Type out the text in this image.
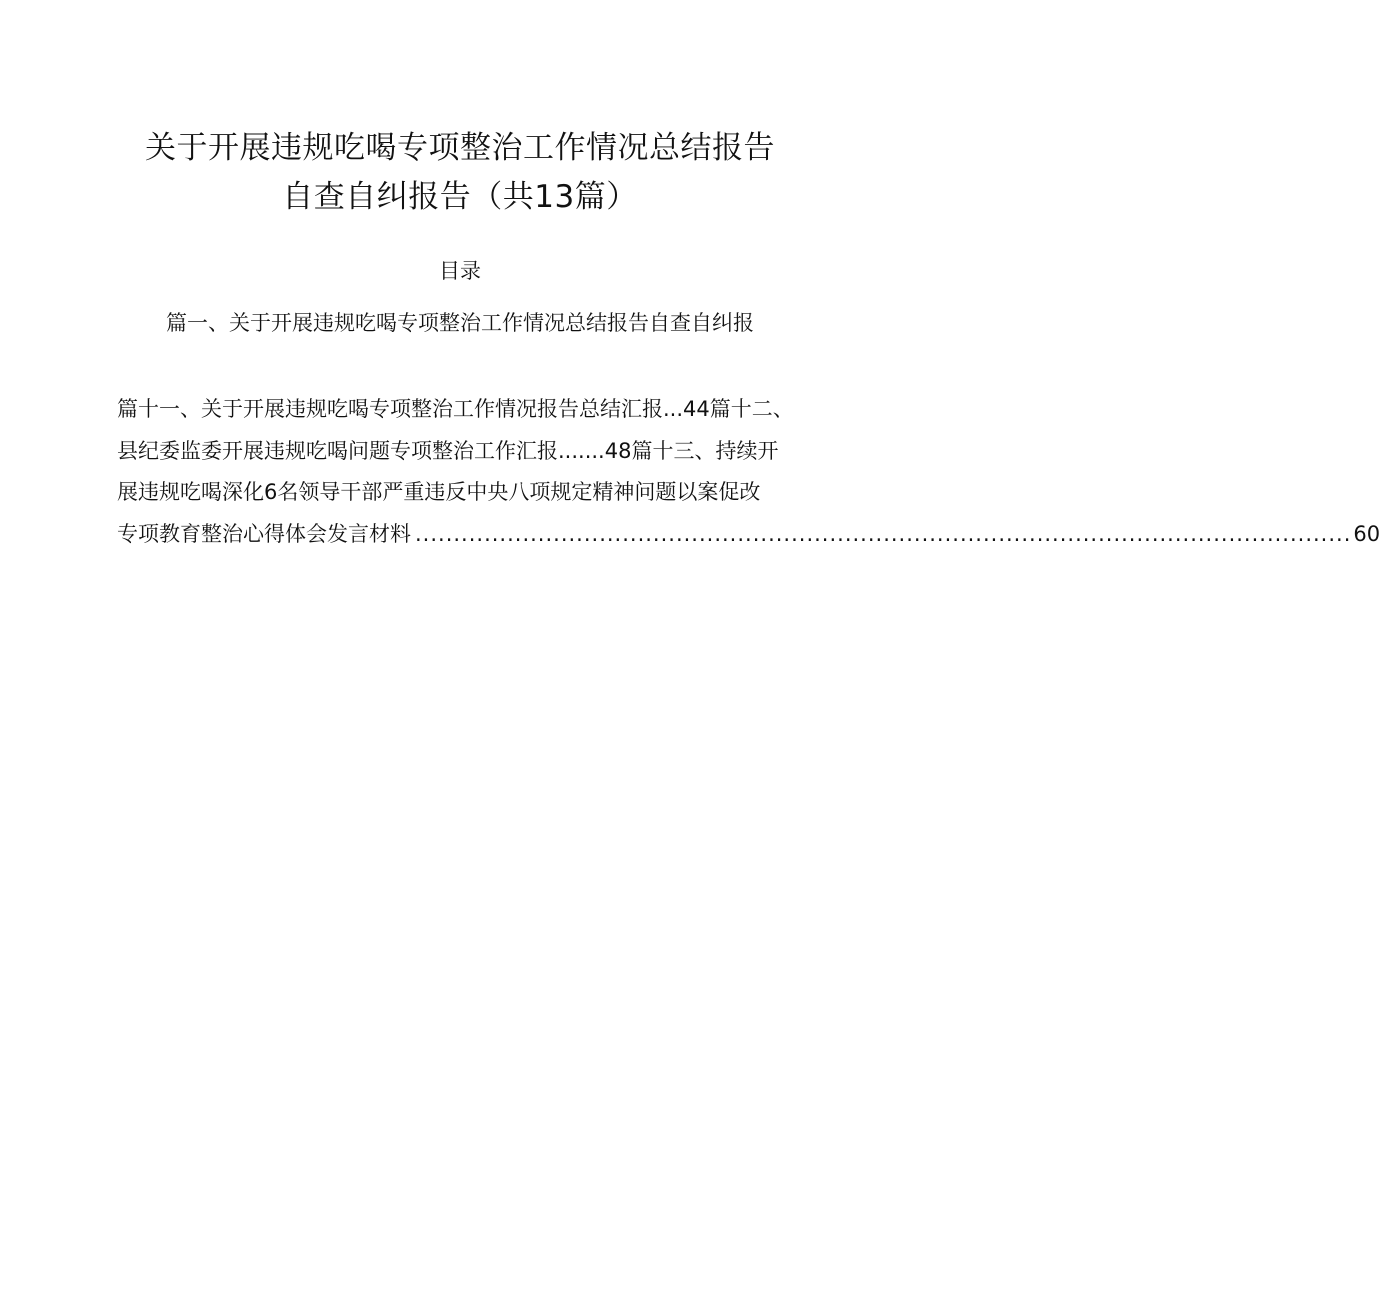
关于开展违规吃喝专项整治工作情况总结报告
自查自纠报告（共13篇）
目录
篇一、关于开展违规吃喝专项整治工作情况总结报告自查自纠报
篇十一、关于开展违规吃喝专项整治工作情况报告总结汇报...44篇十二、
县纪委监委开展违规吃喝问题专项整治工作汇报.......48篇十三、持续开
展违规吃喝深化6名领导干部严重违反中央八项规定精神问题以案促改
专项教育整治心得体会发言材料 .......................................................................................................................... 60
